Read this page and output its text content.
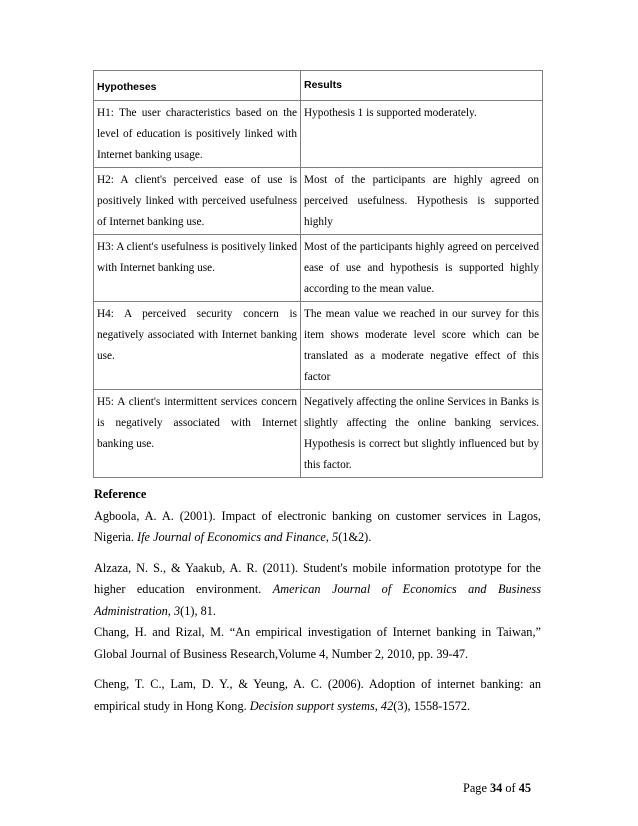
Hypotheses	Results
H1: The user characteristics based on the level of education is positively linked with Internet banking usage.	Hypothesis 1 is supported moderately.
H2: A client's perceived ease of use is positively linked with perceived usefulness of Internet banking use.	Most of the participants are highly agreed on perceived usefulness. Hypothesis is supported highly
H3: A client's usefulness is positively linked with Internet banking use.	Most of the participants highly agreed on perceived ease of use and hypothesis is supported highly according to the mean value.
H4: A perceived security concern is negatively associated with Internet banking use.	The mean value we reached in our survey for this item shows moderate level score which can be translated as a moderate negative effect of this factor
H5: A client's intermittent services concern is negatively associated with Internet banking use.	Negatively affecting the online Services in Banks is slightly affecting the online banking services. Hypothesis is correct but slightly influenced but by this factor.

Reference

Agboola, A. A. (2001). Impact of electronic banking on customer services in Lagos, Nigeria. Ife Journal of Economics and Finance, 5(1&2).

Alzaza, N. S., & Yaakub, A. R. (2011). Student's mobile information prototype for the higher education environment. American Journal of Economics and Business Administration, 3(1), 81.

Chang, H. and Rizal, M. “An empirical investigation of Internet banking in Taiwan,” Global Journal of Business Research,Volume 4, Number 2, 2010, pp. 39-47.

Cheng, T. C., Lam, D. Y., & Yeung, A. C. (2006). Adoption of internet banking: an empirical study in Hong Kong. Decision support systems, 42(3), 1558-1572.

Page 34 of 45
